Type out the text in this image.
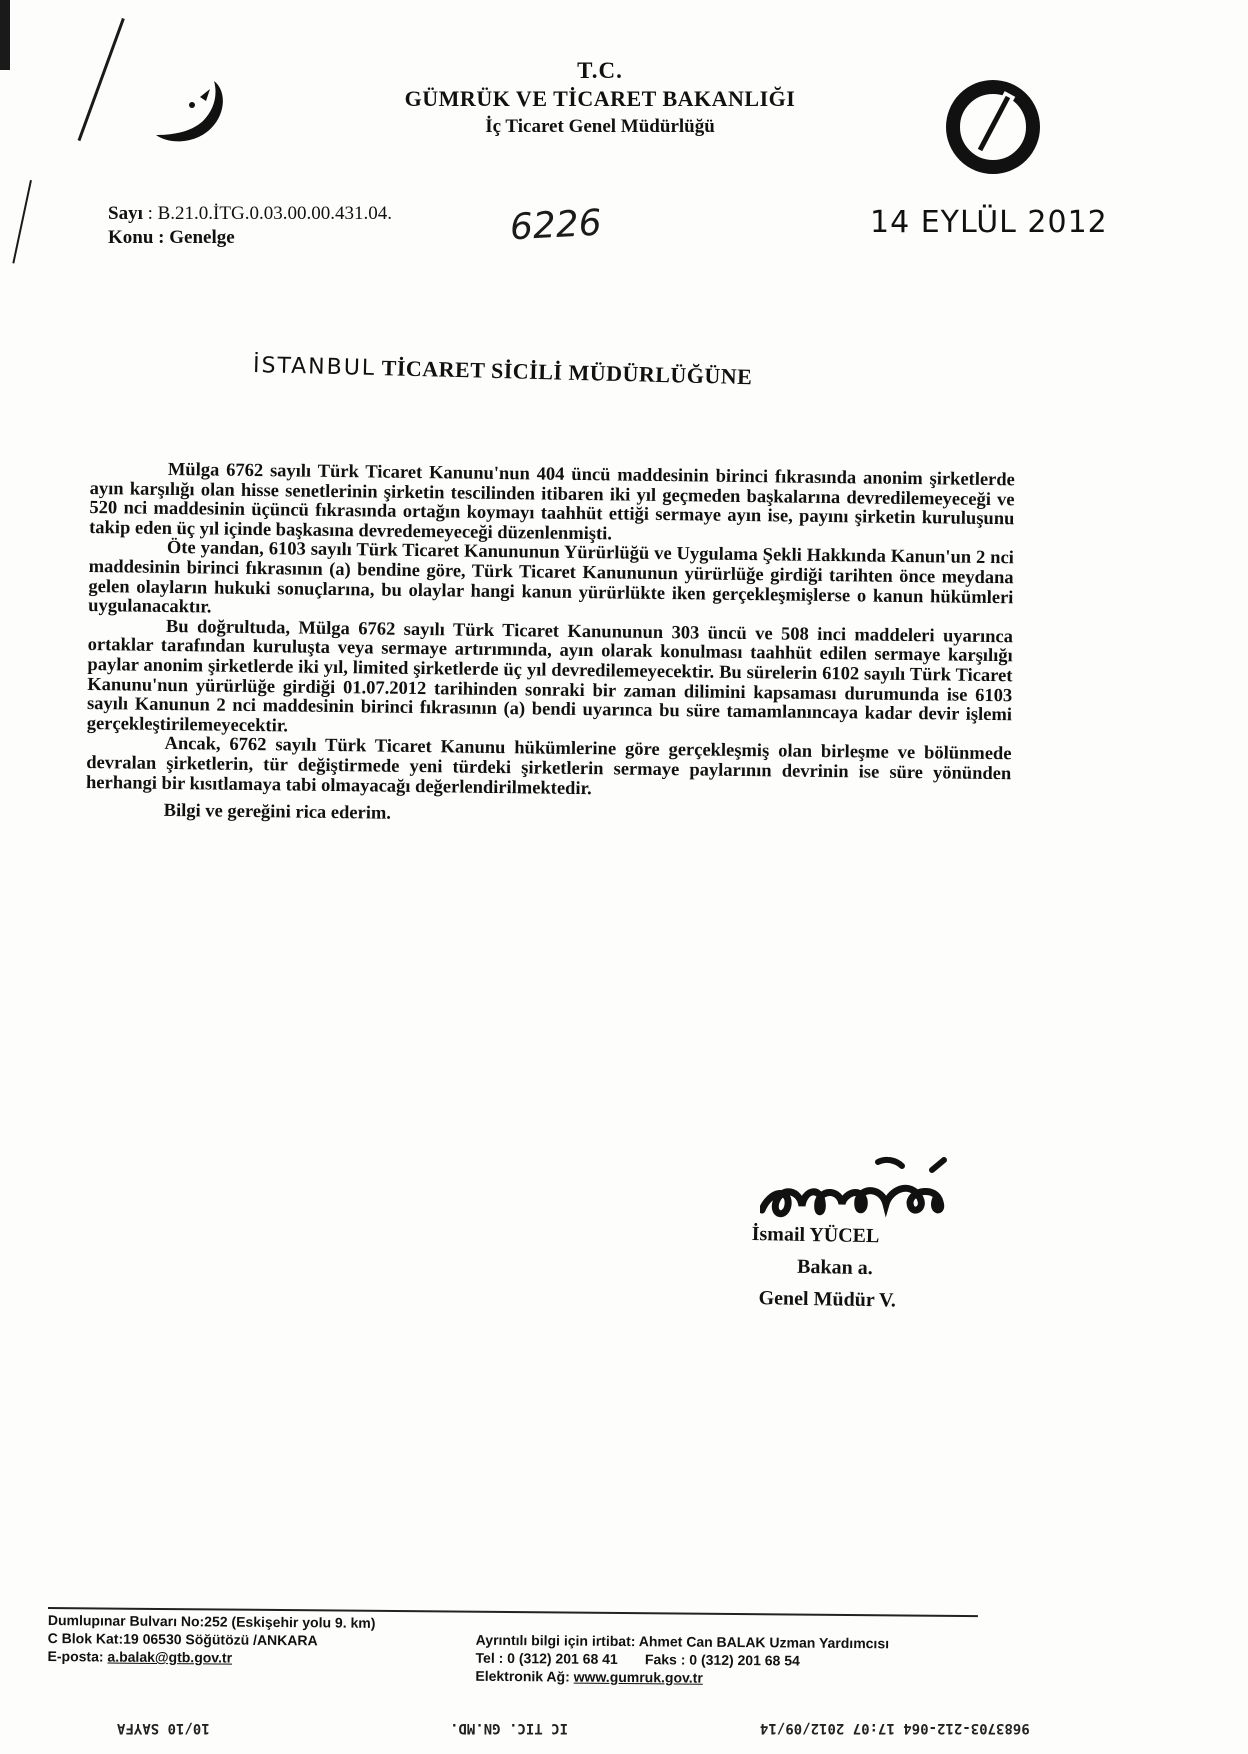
T.C.
GÜMRÜK VE TİCARET BAKANLIĞI
İç Ticaret Genel Müdürlüğü
Sayı : B.21.0.İTG.0.03.00.00.431.04.
Konu : Genelge	6226	14 EYLÜL 2012
İSTANBUL TİCARET SİCİLİ MÜDÜRLÜĞÜNE

Mülga 6762 sayılı Türk Ticaret Kanunu'nun 404 üncü maddesinin birinci fıkrasında anonim şirketlerde ayın karşılığı olan hisse senetlerinin şirketin tescilinden itibaren iki yıl geçmeden başkalarına devredilemeyeceği ve 520 nci maddesinin üçüncü fıkrasında ortağın koymayı taahhüt ettiği sermaye ayın ise, payını şirketin kuruluşunu takip eden üç yıl içinde başkasına devredemeyeceği düzenlenmişti.

Öte yandan, 6103 sayılı Türk Ticaret Kanununun Yürürlüğü ve Uygulama Şekli Hakkında Kanun'un 2 nci maddesinin birinci fıkrasının (a) bendine göre, Türk Ticaret Kanununun yürürlüğe girdiği tarihten önce meydana gelen olayların hukuki sonuçlarına, bu olaylar hangi kanun yürürlükte iken gerçekleşmişlerse o kanun hükümleri uygulanacaktır.

Bu doğrultuda, Mülga 6762 sayılı Türk Ticaret Kanununun 303 üncü ve 508 inci maddeleri uyarınca ortaklar tarafından kuruluşta veya sermaye artırımında, ayın olarak konulması taahhüt edilen sermaye karşılığı paylar anonim şirketlerde iki yıl, limited şirketlerde üç yıl devredilemeyecektir. Bu sürelerin 6102 sayılı Türk Ticaret Kanunu'nun yürürlüğe girdiği 01.07.2012 tarihinden sonraki bir zaman dilimini kapsaması durumunda ise 6103 sayılı Kanunun 2 nci maddesinin birinci fıkrasının (a) bendi uyarınca bu süre tamamlanıncaya kadar devir işlemi gerçekleştirilemeyecektir.

Ancak, 6762 sayılı Türk Ticaret Kanunu hükümlerine göre gerçekleşmiş olan birleşme ve bölünmede devralan şirketlerin, tür değiştirmede yeni türdeki şirketlerin sermaye paylarının devrinin ise süre yönünden herhangi bir kısıtlamaya tabi olmayacağı değerlendirilmektedir.

Bilgi ve gereğini rica ederim.

İsmail YÜCEL
Bakan a.
Genel Müdür V.
Dumlupınar Bulvarı No:252 (Eskişehir yolu 9. km)
C Blok Kat:19 06530 Söğütözü /ANKARA
E-posta: a.balak@gtb.gov.tr
Ayrıntılı bilgi için irtibat: Ahmet Can BALAK Uzman Yardımcısı
Tel : 0 (312) 201 68 41 Faks : 0 (312) 201 68 54
Elektronik Ağ: www.gumruk.gov.tr
10/10 SAYFA	IC TIC. GN.MD.	9683703-212-064 17:07 2012/09/14
